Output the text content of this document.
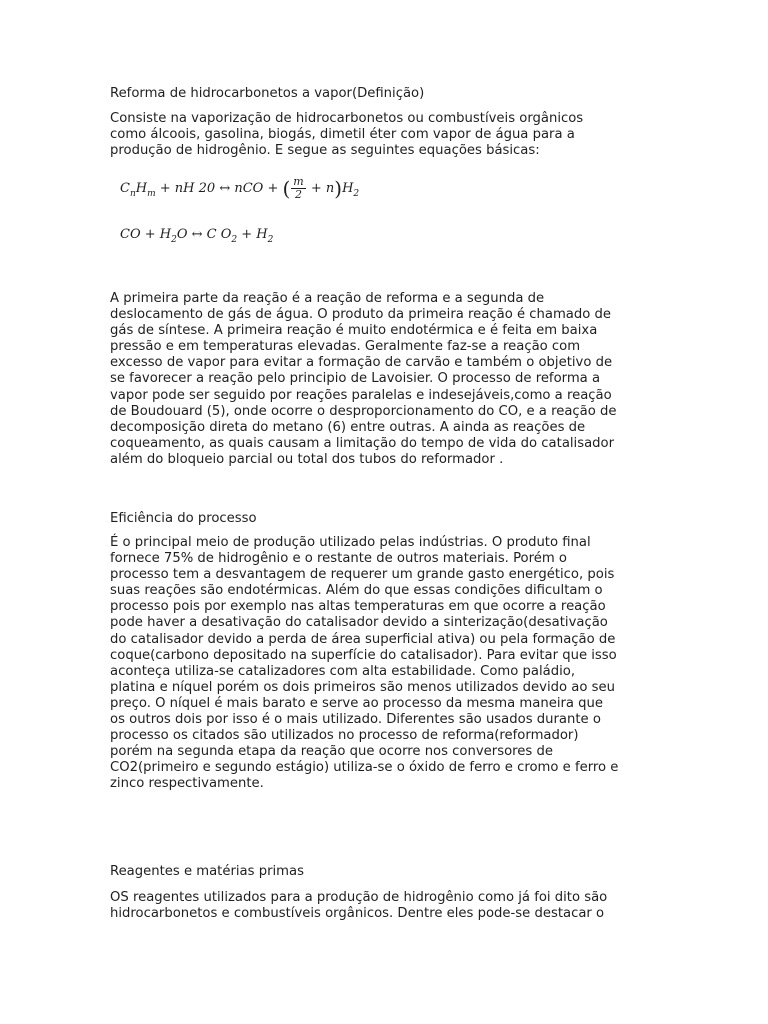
Reforma de hidrocarbonetos a vapor(Definição)
Consiste na vaporização de hidrocarbonetos ou combustíveis orgânicos
como álcoois, gasolina, biogás, dimetil éter com vapor de água para a
produção de hidrogênio. E segue as seguintes equações básicas:
$C_nH_m$ + nH 20 ↔ nCO + ( $\frac{m}{2} + n)H_2$
CO + $H_2O$ ↔ C $O_2 + H_2$
A primeira parte da reação é a reação de reforma e a segunda de
deslocamento de gás de água. O produto da primeira reação é chamado de
gás de síntese. A primeira reação é muito endotérmica e é feita em baixa
pressão e em temperaturas elevadas. Geralmente faz-se a reação com
excesso de vapor para evitar a formação de carvão e também o objetivo de
se favorecer a reação pelo principio de Lavoisier. O processo de reforma a
vapor pode ser seguido por reações paralelas e indesejáveis,como a reação
de Boudouard (5), onde ocorre o desproporcionamento do CO, e a reação de
decomposição direta do metano (6) entre outras. A ainda as reações de
coqueamento, as quais causam a limitação do tempo de vida do catalisador
além do bloqueio parcial ou total dos tubos do reformador .
Eficiência do processo
É o principal meio de produção utilizado pelas indústrias. O produto final
fornece 75% de hidrogênio e o restante de outros materiais. Porém o
processo tem a desvantagem de requerer um grande gasto energético, pois
suas reações são endotérmicas. Além do que essas condições dificultam o
processo pois por exemplo nas altas temperaturas em que ocorre a reação
pode haver a desativação do catalisador devido a sinterização(desativação
do catalisador devido a perda de área superficial ativa) ou pela formação de
coque(carbono depositado na superfície do catalisador). Para evitar que isso
aconteça utiliza-se catalizadores com alta estabilidade. Como paládio,
platina e níquel porém os dois primeiros são menos utilizados devido ao seu
preço. O níquel é mais barato e serve ao processo da mesma maneira que
os outros dois por isso é o mais utilizado. Diferentes são usados durante o
processo os citados são utilizados no processo de reforma(reformador)
porém na segunda etapa da reação que ocorre nos conversores de
CO2(primeiro e segundo estágio) utiliza-se o óxido de ferro e cromo e ferro e
zinco respectivamente.
Reagentes e matérias primas
OS reagentes utilizados para a produção de hidrogênio como já foi dito são
hidrocarbonetos e combustíveis orgânicos. Dentre eles pode-se destacar o
